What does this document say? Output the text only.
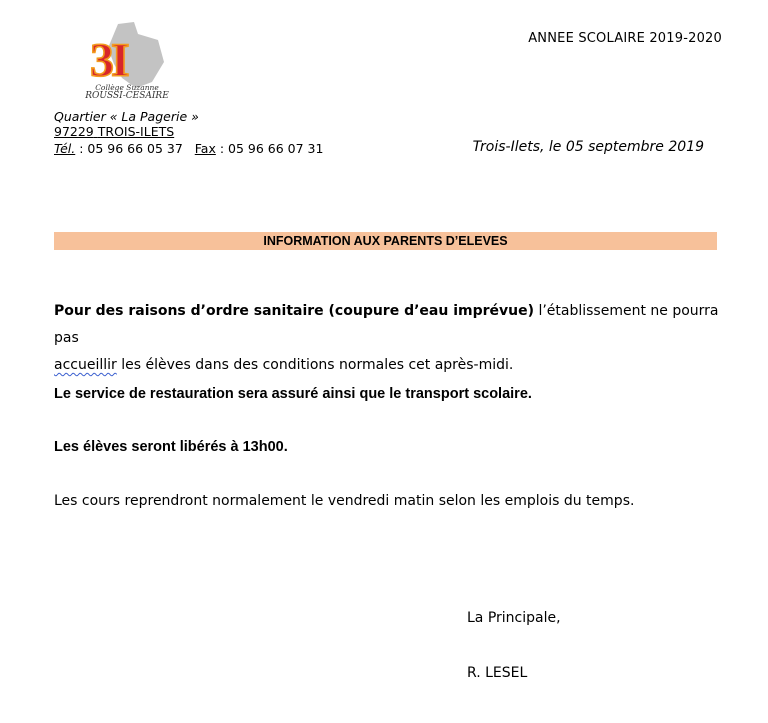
3I
Collège Suzanne
ROUSSI-CESAIRE
ANNEE SCOLAIRE 2019-2020
Quartier « La Pagerie »
97229 TROIS-ILETS
Tél. : 05 96 66 05 37 Fax : 05 96 66 07 31	Trois-Ilets, le 05 septembre 2019
INFORMATION AUX PARENTS D’ELEVES
Pour des raisons d’ordre sanitaire (coupure d’eau imprévue) l’établissement ne pourra pas
accueillir les élèves dans des conditions normales cet après-midi.
Le service de restauration sera assuré ainsi que le transport scolaire.
Les élèves seront libérés à 13h00.
Les cours reprendront normalement le vendredi matin selon les emplois du temps.
La Principale,
R. LESEL
